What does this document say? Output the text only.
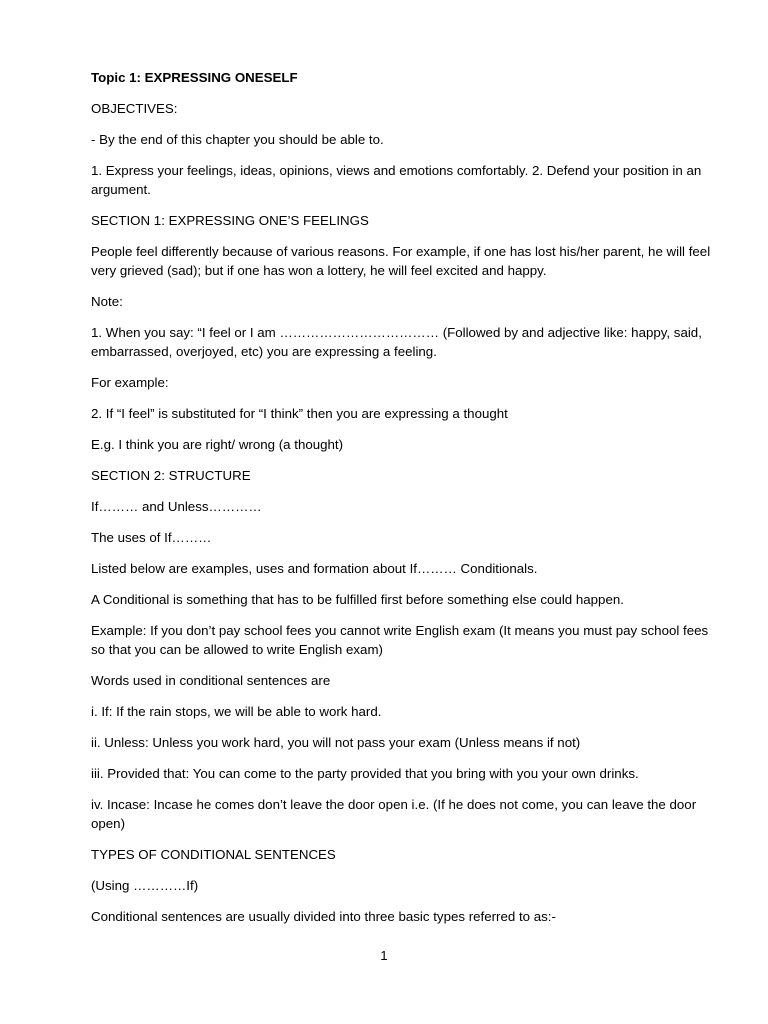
Topic 1: EXPRESSING ONESELF

OBJECTIVES:

- By the end of this chapter you should be able to.

1. Express your feelings, ideas, opinions, views and emotions comfortably. 2. Defend your position in an argument.

SECTION 1: EXPRESSING ONE’S FEELINGS

People feel differently because of various reasons. For example, if one has lost his/her parent, he will feel very grieved (sad); but if one has won a lottery, he will feel excited and happy.

Note:

1. When you say: “I feel or I am ……………………………… (Followed by and adjective like: happy, said, embarrassed, overjoyed, etc) you are expressing a feeling.

For example:

2. If “I feel” is substituted for “I think” then you are expressing a thought

E.g. I think you are right/ wrong (a thought)

SECTION 2: STRUCTURE

If……… and Unless…………

The uses of If………

Listed below are examples, uses and formation about If……… Conditionals.

A Conditional is something that has to be fulfilled first before something else could happen.

Example: If you don’t pay school fees you cannot write English exam (It means you must pay school fees so that you can be allowed to write English exam)

Words used in conditional sentences are

i. If: If the rain stops, we will be able to work hard.

ii. Unless: Unless you work hard, you will not pass your exam (Unless means if not)

iii. Provided that: You can come to the party provided that you bring with you your own drinks.

iv. Incase: Incase he comes don’t leave the door open i.e. (If he does not come, you can leave the door open)

TYPES OF CONDITIONAL SENTENCES

(Using …………If)

Conditional sentences are usually divided into three basic types referred to as:-

1
